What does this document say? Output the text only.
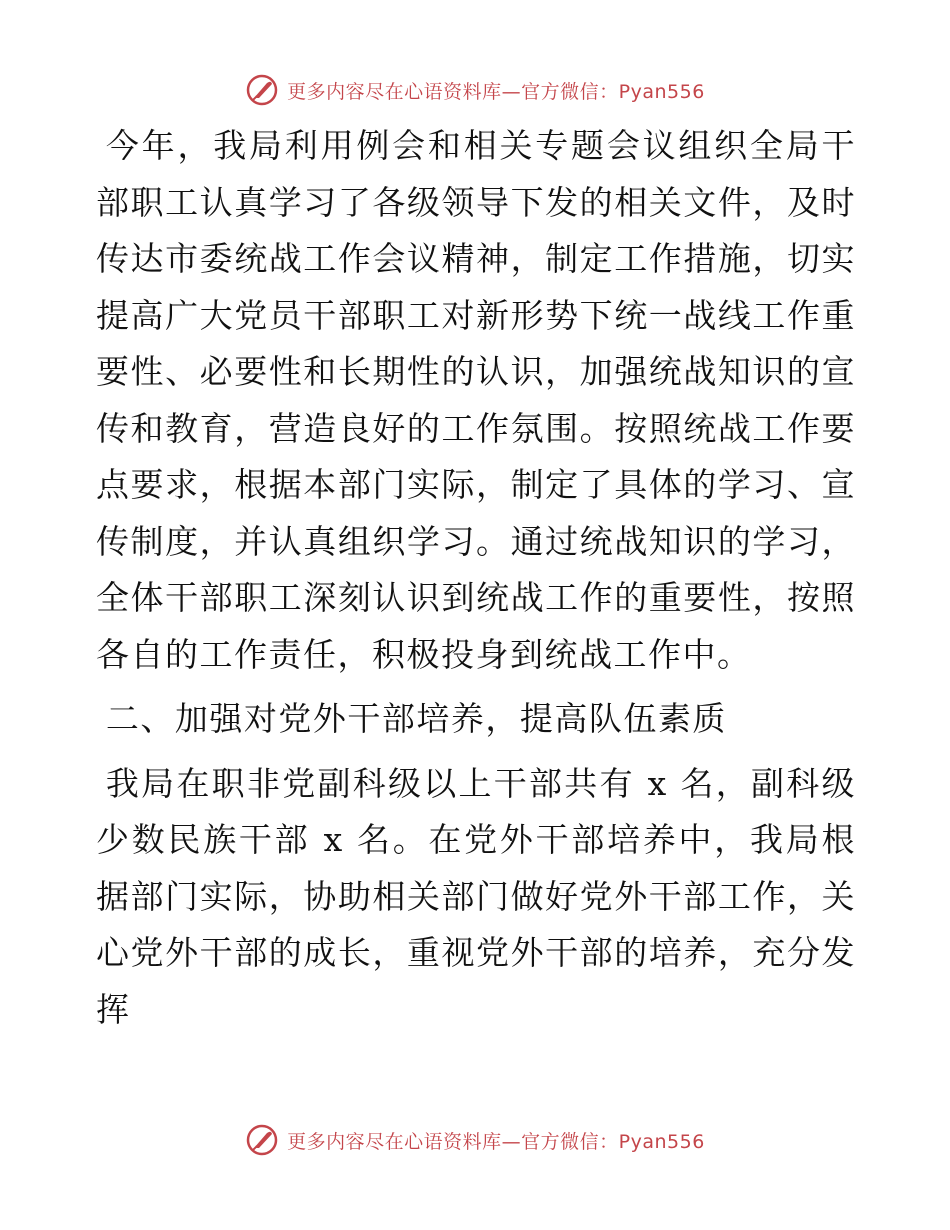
更多内容尽在心语资料库—官方微信：Pyan556

今年，我局利用例会和相关专题会议组织全局干部职工认真学习了各级领导下发的相关文件，及时传达市委统战工作会议精神，制定工作措施，切实提高广大党员干部职工对新形势下统一战线工作重要性、必要性和长期性的认识，加强统战知识的宣传和教育，营造良好的工作氛围。按照统战工作要点要求，根据本部门实际，制定了具体的学习、宣传制度，并认真组织学习。通过统战知识的学习，全体干部职工深刻认识到统战工作的重要性，按照各自的工作责任，积极投身到统战工作中。

二、加强对党外干部培养，提高队伍素质

我局在职非党副科级以上干部共有 x 名，副科级少数民族干部 x 名。在党外干部培养中，我局根据部门实际，协助相关部门做好党外干部工作，关心党外干部的成长，重视党外干部的培养，充分发挥

更多内容尽在心语资料库—官方微信：Pyan556
